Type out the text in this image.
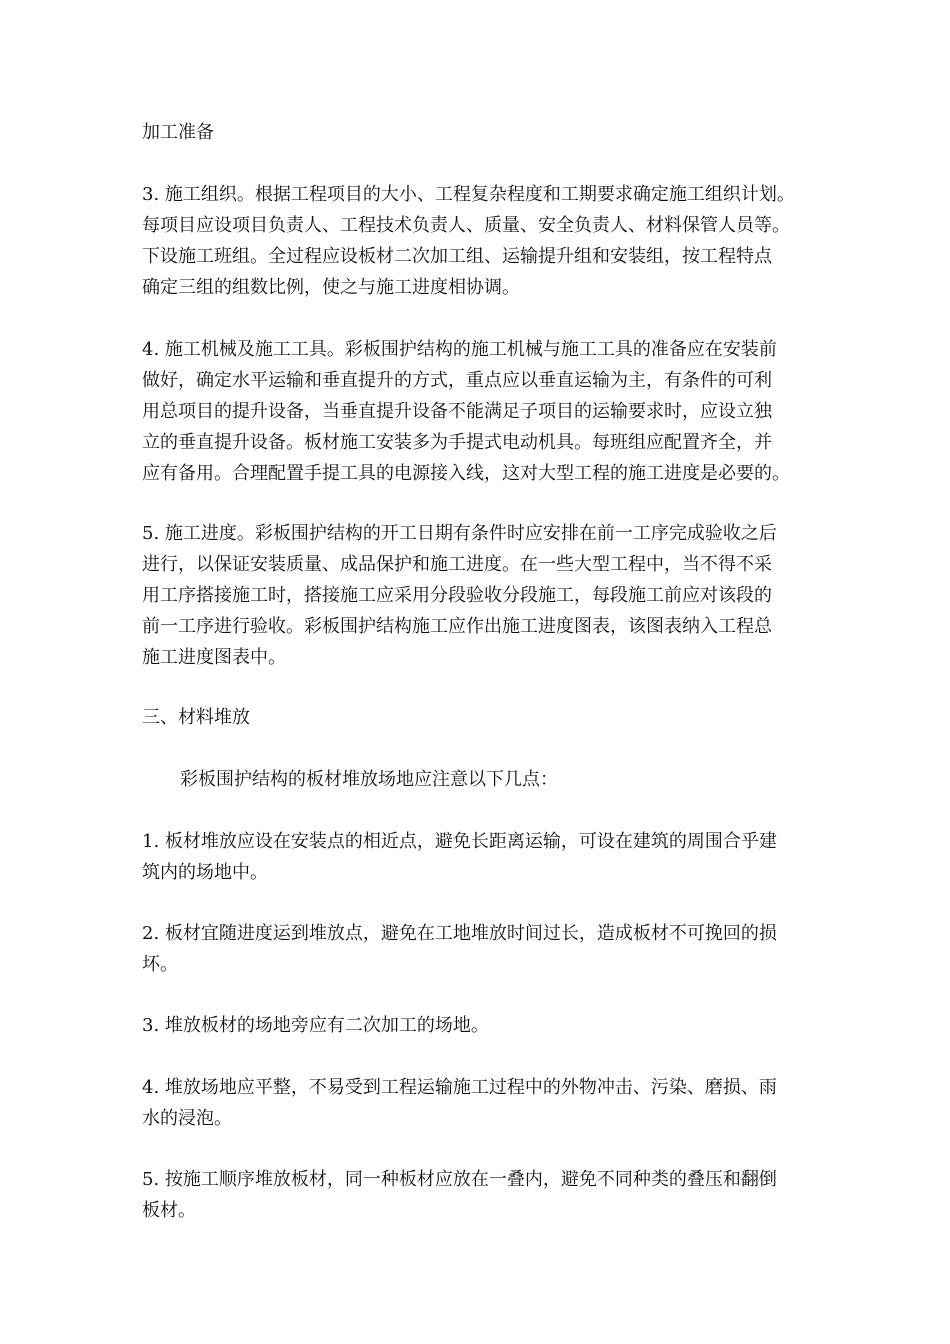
加工准备

3. 施工组织。根据工程项目的大小、工程复杂程度和工期要求确定施工组织计划。
每项目应设项目负责人、工程技术负责人、质量、安全负责人、材料保管人员等。
下设施工班组。全过程应设板材二次加工组、运输提升组和安装组，按工程特点
确定三组的组数比例，使之与施工进度相协调。

4. 施工机械及施工工具。彩板围护结构的施工机械与施工工具的准备应在安装前
做好，确定水平运输和垂直提升的方式，重点应以垂直运输为主，有条件的可利
用总项目的提升设备，当垂直提升设备不能满足子项目的运输要求时，应设立独
立的垂直提升设备。板材施工安装多为手提式电动机具。每班组应配置齐全，并
应有备用。合理配置手提工具的电源接入线，这对大型工程的施工进度是必要的。

5. 施工进度。彩板围护结构的开工日期有条件时应安排在前一工序完成验收之后
进行，以保证安装质量、成品保护和施工进度。在一些大型工程中，当不得不采
用工序搭接施工时，搭接施工应采用分段验收分段施工，每段施工前应对该段的
前一工序进行验收。彩板围护结构施工应作出施工进度图表，该图表纳入工程总
施工进度图表中。

三、材料堆放

彩板围护结构的板材堆放场地应注意以下几点：

1. 板材堆放应设在安装点的相近点，避免长距离运输，可设在建筑的周围合乎建
筑内的场地中。

2. 板材宜随进度运到堆放点，避免在工地堆放时间过长，造成板材不可挽回的损
坏。

3. 堆放板材的场地旁应有二次加工的场地。

4. 堆放场地应平整，不易受到工程运输施工过程中的外物冲击、污染、磨损、雨
水的浸泡。

5. 按施工顺序堆放板材，同一种板材应放在一叠内，避免不同种类的叠压和翻倒
板材。
